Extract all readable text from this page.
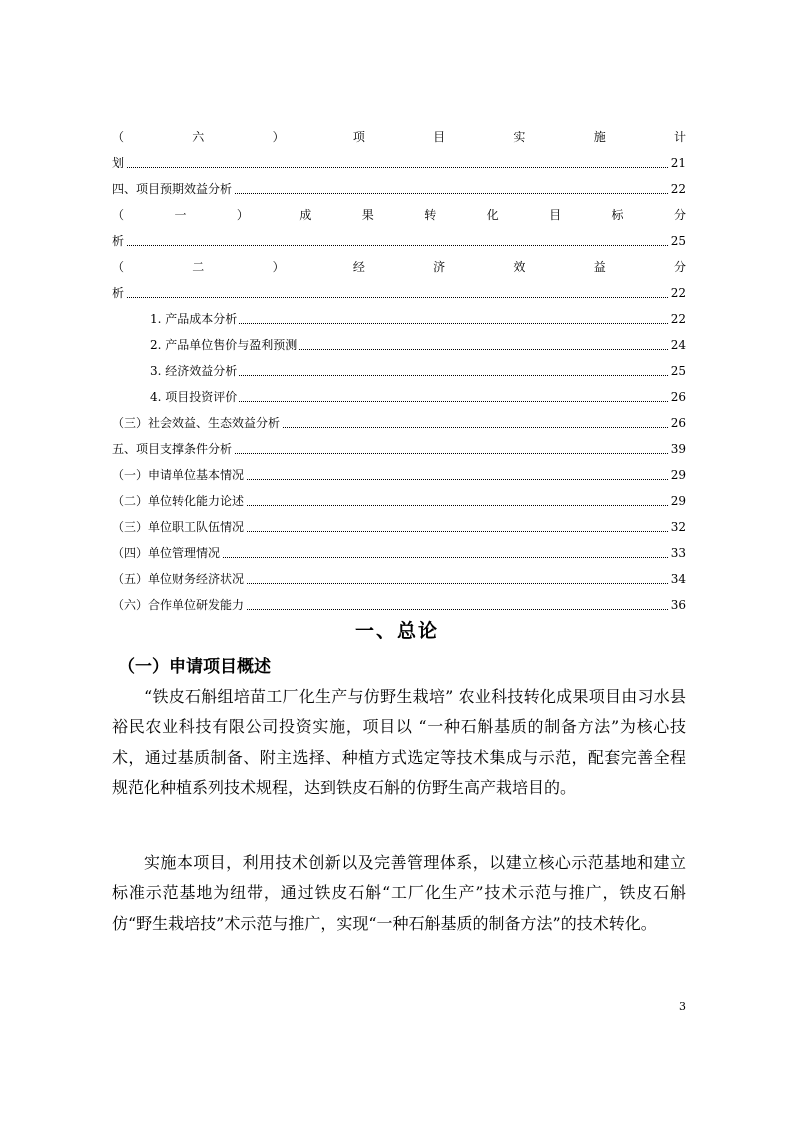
（	六	）	项	目	实	施	计
划	21
四、项目预期效益分析	22
（	一	）	成	果	转	化	目	标	分
析	25
（	二	）	经	济	效	益	分
析	22
1. 产品成本分析	22
2. 产品单位售价与盈利预测	24
3. 经济效益分析	25
4. 项目投资评价	26
（三）社会效益、生态效益分析	26
五、项目支撑条件分析	39
（一）申请单位基本情况	29
（二）单位转化能力论述	29
（三）单位职工队伍情况	32
（四）单位管理情况	33
（五）单位财务经济状况	34
（六）合作单位研发能力	36
一、总论
（一）申请项目概述

“铁皮石斛组培苗工厂化生产与仿野生栽培” 农业科技转化成果项目由习水县裕民农业科技有限公司投资实施，项目以 “一种石斛基质的制备方法”为核心技术，通过基质制备、附主选择、种植方式选定等技术集成与示范，配套完善全程规范化种植系列技术规程，达到铁皮石斛的仿野生高产栽培目的。

实施本项目，利用技术创新以及完善管理体系，以建立核心示范基地和建立标准示范基地为纽带，通过铁皮石斛“工厂化生产”技术示范与推广，铁皮石斛仿“野生栽培技”术示范与推广，实现“一种石斛基质的制备方法”的技术转化。

3
